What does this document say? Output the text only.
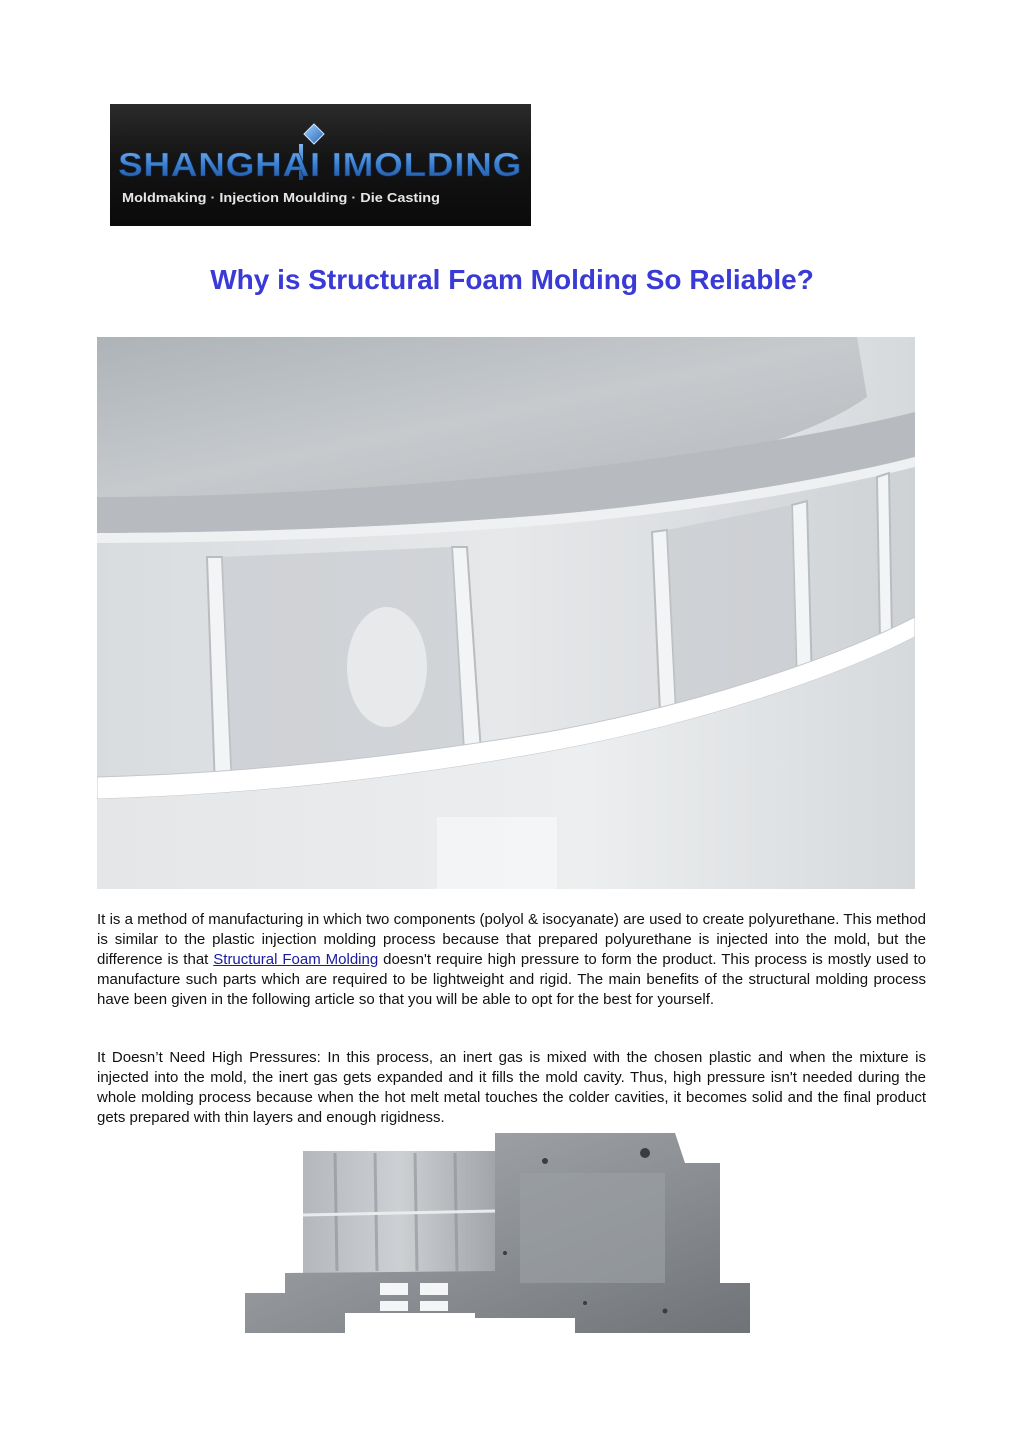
SHANGHAI IMOLDING
Moldmaking · Injection Moulding · Die Casting
Why is Structural Foam Molding So Reliable?

It is a method of manufacturing in which two components (polyol & isocyanate) are used to create polyurethane. This method is similar to the plastic injection molding process because that prepared polyurethane is injected into the mold, but the difference is that Structural Foam Molding doesn't require high pressure to form the product. This process is mostly used to manufacture such parts which are required to be lightweight and rigid. The main benefits of the structural molding process have been given in the following article so that you will be able to opt for the best for yourself.

It Doesn’t Need High Pressures: In this process, an inert gas is mixed with the chosen plastic and when the mixture is injected into the mold, the inert gas gets expanded and it fills the mold cavity. Thus, high pressure isn't needed during the whole molding process because when the hot melt metal touches the colder cavities, it becomes solid and the final product gets prepared with thin layers and enough rigidness.
